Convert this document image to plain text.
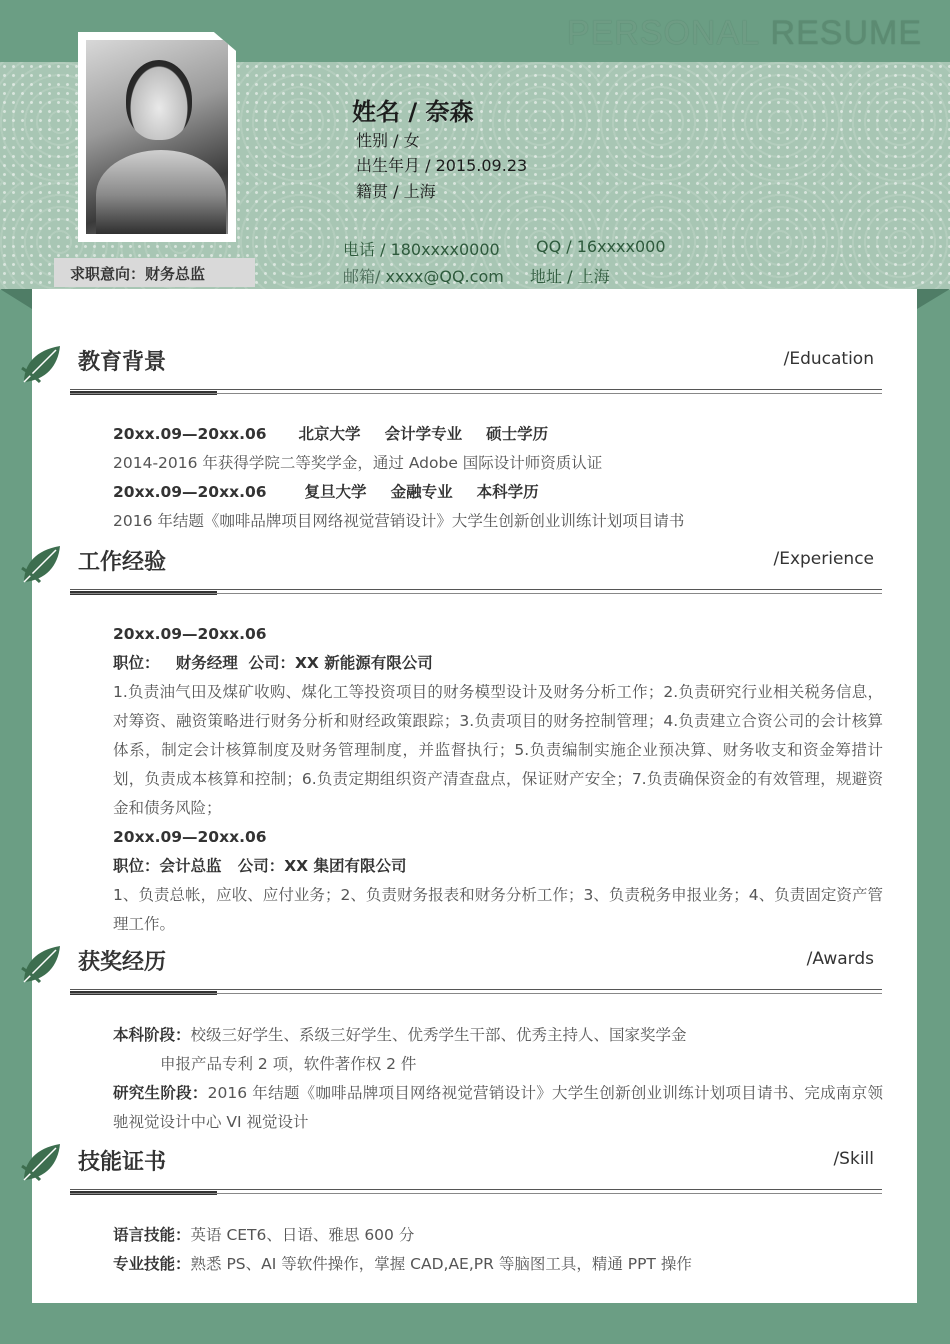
PERSONAL RESUME
求职意向：财务总监
姓名 / 奈森
性别 / 女
出生年月 / 2015.09.23
籍贯 / 上海
电话 / 180xxxx0000 QQ / 16xxxx000
邮箱/ xxxx@QQ.com 地址 / 上海
教育背景	/Education
20xx.09—20xx.06 北京大学 会计学专业 硕士学历
2014-2016 年获得学院二等奖学金，通过 Adobe 国际设计师资质认证
20xx.09—20xx.06 复旦大学 金融专业 本科学历
2016 年结题《咖啡品牌项目网络视觉营销设计》大学生创新创业训练计划项目请书
工作经验	/Experience
20xx.09—20xx.06
职位：   财务经理  公司：XX 新能源有限公司
1.负责油气田及煤矿收购、煤化工等投资项目的财务模型设计及财务分析工作；2.负责研究行业相关税务信息，对筹资、融资策略进行财务分析和财经政策跟踪；3.负责项目的财务控制管理；4.负责建立合资公司的会计核算体系，制定会计核算制度及财务管理制度，并监督执行；5.负责编制实施企业预决算、财务收支和资金筹措计划，负责成本核算和控制；6.负责定期组织资产清查盘点，保证财产安全；7.负责确保资金的有效管理，规避资金和债务风险；
20xx.09—20xx.06
职位：会计总监   公司：XX 集团有限公司
1、负责总帐，应收、应付业务；2、负责财务报表和财务分析工作；3、负责税务申报业务；4、负责固定资产管理工作。
获奖经历	/Awards
本科阶段：校级三好学生、系级三好学生、优秀学生干部、优秀主持人、国家奖学金
申报产品专利 2 项，软件著作权 2 件
研究生阶段：2016 年结题《咖啡品牌项目网络视觉营销设计》大学生创新创业训练计划项目请书、完成南京领驰视觉设计中心 VI 视觉设计
技能证书	/Skill
语言技能：英语 CET6、日语、雅思 600 分
专业技能：熟悉 PS、AI 等软件操作，掌握 CAD,AE,PR 等脑图工具，精通 PPT 操作
